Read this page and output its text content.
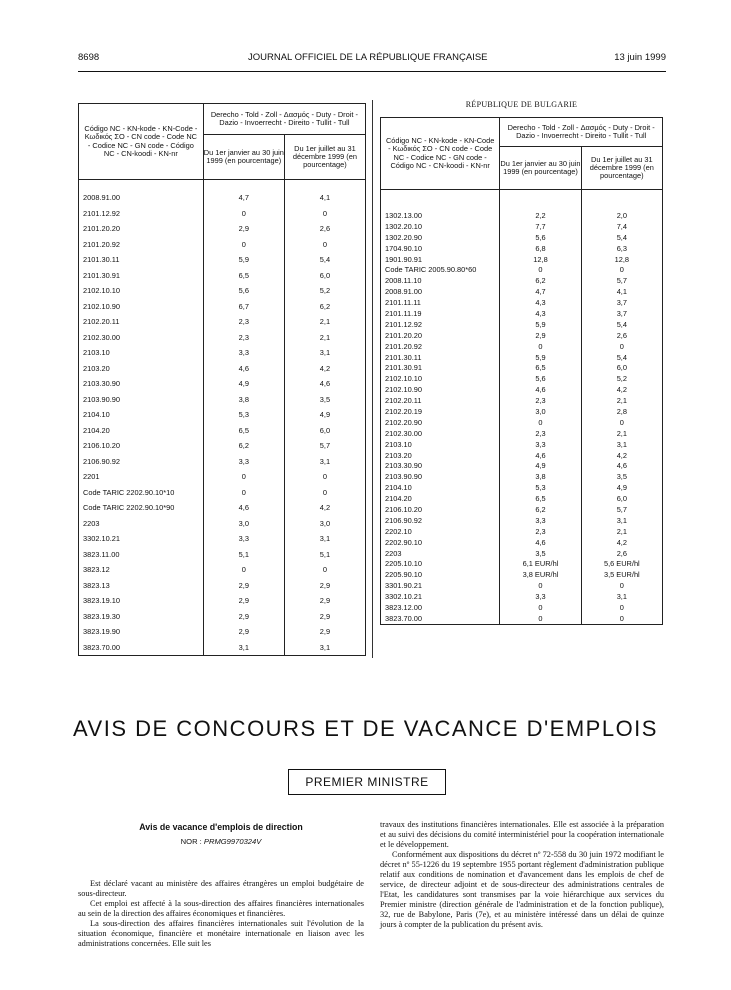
8698	JOURNAL OFFICIEL DE LA RÉPUBLIQUE FRANÇAISE	13 juin 1999
Código NC - KN-kode - KN-Code - Κωδικός ΣΟ - CN code - Code NC - Codice NC - GN code - Código NC - CN-koodi - KN-nr	Derecho - Told - Zoll - Δασμός - Duty - Droit - Dazio - Invoerrecht - Direito - Tullit - Tull	
	Du 1er janvier au 30 juin 1999 (en pourcentage)	Du 1er juillet au 31 décembre 1999 (en pourcentage)

2008.91.00	4,7	4,1
2101.12.92	0	0
2101.20.20	2,9	2,6
2101.20.92	0	0
2101.30.11	5,9	5,4
2101.30.91	6,5	6,0
2102.10.10	5,6	5,2
2102.10.90	6,7	6,2
2102.20.11	2,3	2,1
2102.30.00	2,3	2,1
2103.10	3,3	3,1
2103.20	4,6	4,2
2103.30.90	4,9	4,6
2103.90.90	3,8	3,5
2104.10	5,3	4,9
2104.20	6,5	6,0
2106.10.20	6,2	5,7
2106.90.92	3,3	3,1
2201	0	0
Code TARIC 2202.90.10*10	0	0
Code TARIC 2202.90.10*90	4,6	4,2
2203	3,0	3,0
3302.10.21	3,3	3,1
3823.11.00	5,1	5,1
3823.12	0	0
3823.13	2,9	2,9
3823.19.10	2,9	2,9
3823.19.30	2,9	2,9
3823.19.90	2,9	2,9
3823.70.00	3,1	3,1
RÉPUBLIQUE DE BULGARIE
Código NC - KN-kode - KN-Code - Κωδικός ΣΟ - CN code - Code NC - Codice NC - GN code - Código NC - CN-koodi - KN-nr	Derecho - Told - Zoll - Δασμός - Duty - Droit - Dazio - Invoerrecht - Direito - Tullit - Tull	
	Du 1er janvier au 30 juin 1999 (en pourcentage)	Du 1er juillet au 31 décembre 1999 (en pourcentage)

1302.13.00	2,2	2,0
1302.20.10	7,7	7,4
1302.20.90	5,6	5,4
1704.90.10	6,8	6,3
1901.90.91	12,8	12,8
Code TARIC 2005.90.80*60	0	0
2008.11.10	6,2	5,7
2008.91.00	4,7	4,1
2101.11.11	4,3	3,7
2101.11.19	4,3	3,7
2101.12.92	5,9	5,4
2101.20.20	2,9	2,6
2101.20.92	0	0
2101.30.11	5,9	5,4
2101.30.91	6,5	6,0
2102.10.10	5,6	5,2
2102.10.90	4,6	4,2
2102.20.11	2,3	2,1
2102.20.19	3,0	2,8
2102.20.90	0	0
2102.30.00	2,3	2,1
2103.10	3,3	3,1
2103.20	4,6	4,2
2103.30.90	4,9	4,6
2103.90.90	3,8	3,5
2104.10	5,3	4,9
2104.20	6,5	6,0
2106.10.20	6,2	5,7
2106.90.92	3,3	3,1
2202.10	2,3	2,1
2202.90.10	4,6	4,2
2203	3,5	2,6
2205.10.10	6,1 EUR/hl	5,6 EUR/hl
2205.90.10	3,8 EUR/hl	3,5 EUR/hl
3301.90.21	0	0
3302.10.21	3,3	3,1
3823.12.00	0	0
3823.70.00	0	0
AVIS DE CONCOURS ET DE VACANCE D'EMPLOIS
PREMIER MINISTRE
Avis de vacance d'emplois de direction
NOR : PRMG9970324V

Est déclaré vacant au ministère des affaires étrangères un emploi budgétaire de sous-directeur.

Cet emploi est affecté à la sous-direction des affaires financières internationales au sein de la direction des affaires économiques et financières.

La sous-direction des affaires financières internationales suit l'évolution de la situation économique, financière et monétaire internationale en liaison avec les administrations concernées. Elle suit les

travaux des institutions financières internationales. Elle est associée à la préparation et au suivi des décisions du comité interministériel pour la coopération internationale et le développement.

Conformément aux dispositions du décret nº 72-558 du 30 juin 1972 modifiant le décret nº 55-1226 du 19 septembre 1955 portant règlement d'administration publique relatif aux conditions de nomination et d'avancement dans les emplois de chef de service, de directeur adjoint et de sous-directeur des administrations centrales de l'Etat, les candidatures sont transmises par la voie hiérarchique aux services du Premier ministre (direction générale de l'administration et de la fonction publique), 32, rue de Babylone, Paris (7e), et au ministère intéressé dans un délai de quinze jours à compter de la publication du présent avis.
